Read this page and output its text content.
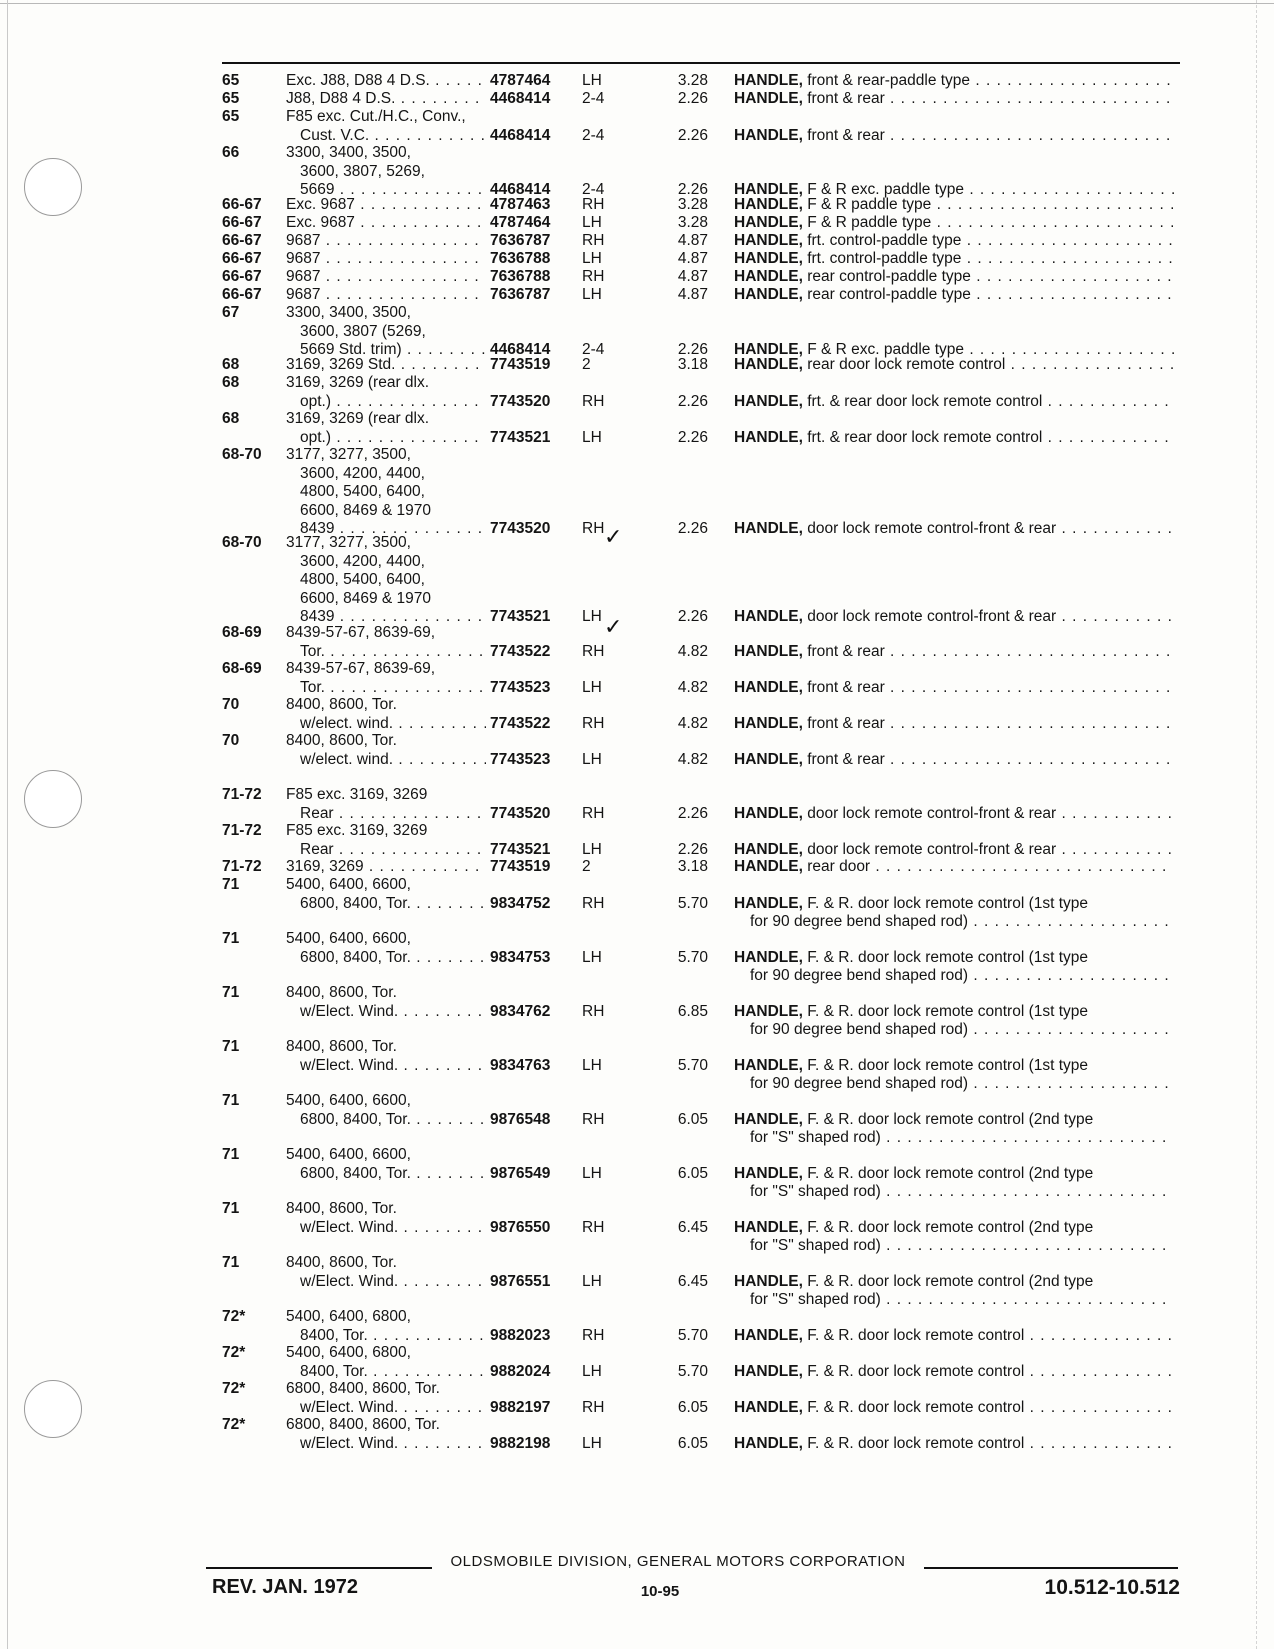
65	Exc. J88, D88 4 D.S. . . .	4787464 LH	3.28 HANDLE, front & rear-paddle type . . .
65	J88, D88 4 D.S. . . .	4468414 2-4	2.26 HANDLE, front & rear . . .
65	F85 exc. Cut./H.C., Conv.,
Cust. V.C. . . .	4468414 2-4	2.26 HANDLE, front & rear . . .
66	3300, 3400, 3500,
3600, 3807, 5269,
5669 . . .	4468414 2-4	2.26 HANDLE, F & R exc. paddle type . . .
66-67 Exc. 9687 . . .	4787463 RH	3.28 HANDLE, F & R paddle type . . .
66-67 Exc. 9687 . . .	4787464 LH	3.28 HANDLE, F & R paddle type . . .
66-67 9687 . . .	7636787 RH	4.87 HANDLE, frt. control-paddle type . . .
66-67 9687 . . .	7636788 LH	4.87 HANDLE, frt. control-paddle type . . .
66-67 9687 . . .	7636788 RH	4.87 HANDLE, rear control-paddle type . . .
66-67 9687 . . .	7636787 LH	4.87 HANDLE, rear control-paddle type . . .
67	3300, 3400, 3500,
3600, 3807 (5269,
5669 Std. trim) . . .	4468414 2-4	2.26 HANDLE, F & R exc. paddle type . . .
68	3169, 3269 Std. . . .	7743519 2	3.18 HANDLE, rear door lock remote control . . .
68	3169, 3269 (rear dlx.
opt.) . . .	7743520 RH	2.26 HANDLE, frt. & rear door lock remote control . . .
68	3169, 3269 (rear dlx.
opt.) . . .	7743521 LH	2.26 HANDLE, frt. & rear door lock remote control . . .
68-70 3177, 3277, 3500,
3600, 4200, 4400,
4800, 5400, 6400,
6600, 8469 & 1970
8439 . . .	7743520 RH	2.26 HANDLE, door lock remote control-front & rear . . .
68-70 3177, 3277, 3500,
3600, 4200, 4400,
4800, 5400, 6400,
6600, 8469 & 1970
8439 . . .	7743521 LH	2.26 HANDLE, door lock remote control-front & rear . . .
68-69 8439-57-67, 8639-69,
Tor. . . .	7743522 RH	4.82 HANDLE, front & rear . . .
68-69 8439-57-67, 8639-69,
Tor. . . .	7743523 LH	4.82 HANDLE, front & rear . . .
70	8400, 8600, Tor.
w/elect. wind. . . .	7743522 RH	4.82 HANDLE, front & rear . . .
70	8400, 8600, Tor.
w/elect. wind. . . .	7743523 LH	4.82 HANDLE, front & rear . . .
71-72 F85 exc. 3169, 3269
Rear . . .	7743520 RH	2.26 HANDLE, door lock remote control-front & rear . . .
71-72 F85 exc. 3169, 3269
Rear . . .	7743521 LH	2.26 HANDLE, door lock remote control-front & rear . . .
71-72 3169, 3269 . . .	7743519 2	3.18 HANDLE, rear door . . .
71	5400, 6400, 6600,
6800, 8400, Tor. . . .	9834752 RH	5.70 HANDLE, F. & R. door lock remote control (1st type
for 90 degree bend shaped rod) . . .
71	5400, 6400, 6600,
6800, 8400, Tor. . . .	9834753 LH	5.70 HANDLE, F. & R. door lock remote control (1st type
for 90 degree bend shaped rod) . . .
71	8400, 8600, Tor.
w/Elect. Wind. . . .	9834762 RH	6.85 HANDLE, F. & R. door lock remote control (1st type
for 90 degree bend shaped rod) . . .
71	8400, 8600, Tor.
w/Elect. Wind. . . .	9834763 LH	5.70 HANDLE, F. & R. door lock remote control (1st type
for 90 degree bend shaped rod) . . .
71	5400, 6400, 6600,
6800, 8400, Tor. . . .	9876548 RH	6.05 HANDLE, F. & R. door lock remote control (2nd type
for "S" shaped rod) . . .
71	5400, 6400, 6600,
6800, 8400, Tor. . . .	9876549 LH	6.05 HANDLE, F. & R. door lock remote control (2nd type
for "S" shaped rod) . . .
71	8400, 8600, Tor.
w/Elect. Wind. . . .	9876550 RH	6.45 HANDLE, F. & R. door lock remote control (2nd type
for "S" shaped rod) . . .
71	8400, 8600, Tor.
w/Elect. Wind. . . .	9876551 LH	6.45 HANDLE, F. & R. door lock remote control (2nd type
for "S" shaped rod) . . .
72*	5400, 6400, 6800,
8400, Tor. . . .	9882023 RH	5.70 HANDLE, F. & R. door lock remote control . . .
72*	5400, 6400, 6800,
8400, Tor. . . .	9882024 LH	5.70 HANDLE, F. & R. door lock remote control . . .
72*	6800, 8400, 8600, Tor.
w/Elect. Wind. . . .	9882197 RH	6.05 HANDLE, F. & R. door lock remote control . . .
72*	6800, 8400, 8600, Tor.
w/Elect. Wind. . . .	9882198 LH	6.05 HANDLE, F. & R. door lock remote control . . .
✓
✓
OLDSMOBILE DIVISION, GENERAL MOTORS CORPORATION
REV. JAN. 1972	10-95	10.512-10.512
